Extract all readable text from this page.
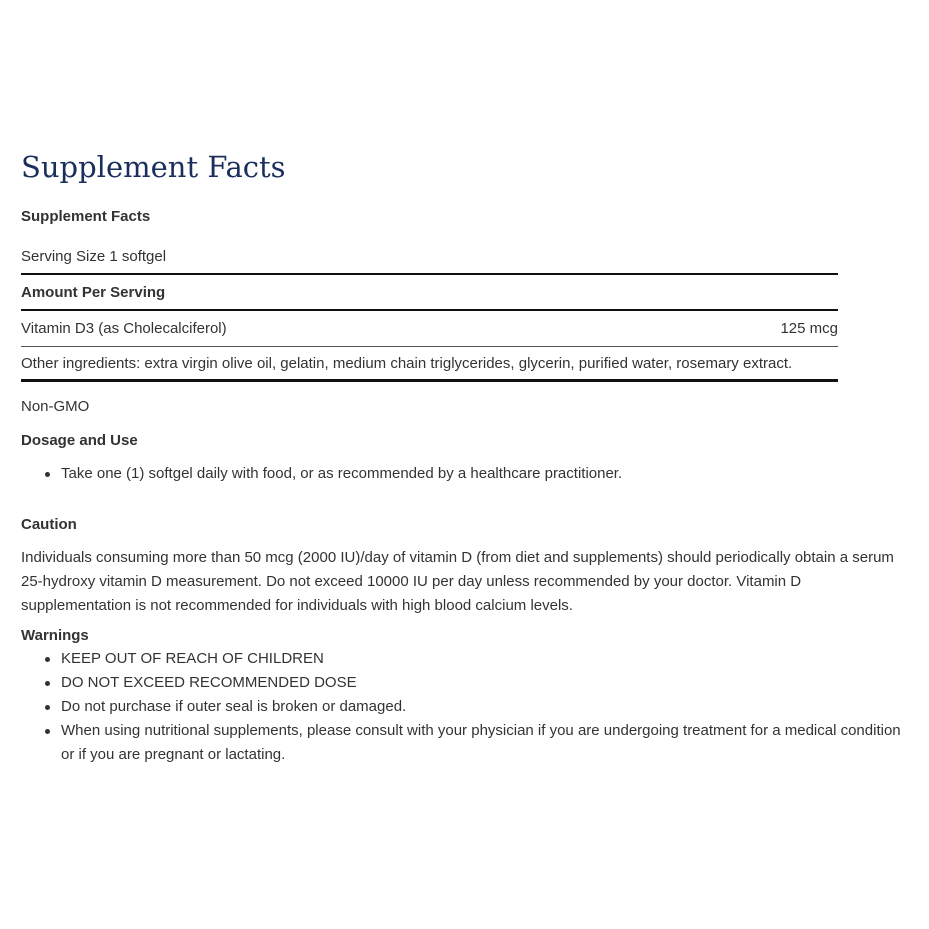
Supplement Facts
Supplement Facts
Serving Size 1 softgel
Amount Per Serving
Vitamin D3 (as Cholecalciferol)	125 mcg
Other ingredients: extra virgin olive oil, gelatin, medium chain triglycerides, glycerin, purified water, rosemary extract.
Non-GMO
Dosage and Use
Take one (1) softgel daily with food, or as recommended by a healthcare practitioner.
Caution

Individuals consuming more than 50 mcg (2000 IU)/day of vitamin D (from diet and supplements) should periodically obtain a serum 25-hydroxy vitamin D measurement. Do not exceed 10000 IU per day unless recommended by your doctor. Vitamin D supplementation is not recommended for individuals with high blood calcium levels.

Warnings
KEEP OUT OF REACH OF CHILDREN
DO NOT EXCEED RECOMMENDED DOSE
Do not purchase if outer seal is broken or damaged.
When using nutritional supplements, please consult with your physician if you are undergoing treatment for a medical condition or if you are pregnant or lactating.
